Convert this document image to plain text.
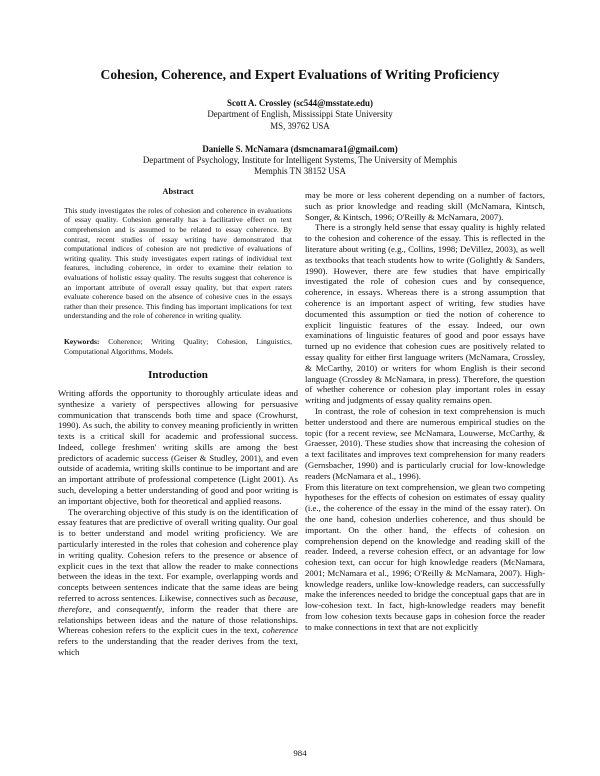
Cohesion, Coherence, and Expert Evaluations of Writing Proficiency
Scott A. Crossley (sc544@msstate.edu)
Department of English, Mississippi State University
MS, 39762 USA
Danielle S. McNamara (dsmcnamara1@gmail.com)
Department of Psychology, Institute for Intelligent Systems, The University of Memphis
Memphis TN 38152 USA
Abstract
This study investigates the roles of cohesion and coherence in evaluations of essay quality. Cohesion generally has a facilitative effect on text comprehension and is assumed to be related to essay coherence. By contrast, recent studies of essay writing have demonstrated that computational indices of cohesion are not predictive of evaluations of writing quality. This study investigates expert ratings of individual text features, including coherence, in order to examine their relation to evaluations of holistic essay quality. The results suggest that coherence is an important attribute of overall essay quality, but that expert raters evaluate coherence based on the absence of cohesive cues in the essays rather than their presence. This finding has important implications for text understanding and the role of coherence in writing quality.
Keywords: Coherence; Writing Quality; Cohesion, Linguistics, Computational Algorithms, Models.
Introduction

Writing affords the opportunity to thoroughly articulate ideas and synthesize a variety of perspectives allowing for persuasive communication that transcends both time and space (Crowhurst, 1990). As such, the ability to convey meaning proficiently in written texts is a critical skill for academic and professional success. Indeed, college freshmen' writing skills are among the best predictors of academic success (Geiser & Studley, 2001), and even outside of academia, writing skills continue to be important and are an important attribute of professional competence (Light 2001). As such, developing a better understanding of good and poor writing is an important objective, both for theoretical and applied reasons.

The overarching objective of this study is on the identification of essay features that are predictive of overall writing quality. Our goal is to better understand and model writing proficiency. We are particularly interested in the roles that cohesion and coherence play in writing quality. Cohesion refers to the presence or absence of explicit cues in the text that allow the reader to make connections between the ideas in the text. For example, overlapping words and concepts between sentences indicate that the same ideas are being referred to across sentences. Likewise, connectives such as because, therefore, and consequently, inform the reader that there are relationships between ideas and the nature of those relationships. Whereas cohesion refers to the explicit cues in the text, coherence refers to the understanding that the reader derives from the text, which

may be more or less coherent depending on a number of factors, such as prior knowledge and reading skill (McNamara, Kintsch, Songer, & Kintsch, 1996; O'Reilly & McNamara, 2007).

There is a strongly held sense that essay quality is highly related to the cohesion and coherence of the essay. This is reflected in the literature about writing (e.g., Collins, 1998; DeVillez, 2003), as well as textbooks that teach students how to write (Golightly & Sanders, 1990). However, there are few studies that have empirically investigated the role of cohesion cues and by consequence, coherence, in essays. Whereas there is a strong assumption that coherence is an important aspect of writing, few studies have documented this assumption or tied the notion of coherence to explicit linguistic features of the essay. Indeed, our own examinations of linguistic features of good and poor essays have turned up no evidence that cohesion cues are positively related to essay quality for either first language writers (McNamara, Crossley, & McCarthy, 2010) or writers for whom English is their second language (Crossley & McNamara, in press). Therefore, the question of whether coherence or cohesion play important roles in essay writing and judgments of essay quality remains open.

In contrast, the role of cohesion in text comprehension is much better understood and there are numerous empirical studies on the topic (for a recent review, see McNamara, Louwerse, McCarthy, & Graesser, 2010). These studies show that increasing the cohesion of a text facilitates and improves text comprehension for many readers (Gernsbacher, 1990) and is particularly crucial for low-knowledge readers (McNamara et al., 1996).

From this literature on text comprehension, we glean two competing hypotheses for the effects of cohesion on estimates of essay quality (i.e., the coherence of the essay in the mind of the essay rater). On the one hand, cohesion underlies coherence, and thus should be important. On the other hand, the effects of cohesion on comprehension depend on the knowledge and reading skill of the reader. Indeed, a reverse cohesion effect, or an advantage for low cohesion text, can occur for high knowledge readers (McNamara, 2001; McNamara et al., 1996; O'Reilly & McNamara, 2007). High-knowledge readers, unlike low-knowledge readers, can successfully make the inferences needed to bridge the conceptual gaps that are in low-cohesion text. In fact, high-knowledge readers may benefit from low cohesion texts because gaps in cohesion force the reader to make connections in text that are not explicitly

984
